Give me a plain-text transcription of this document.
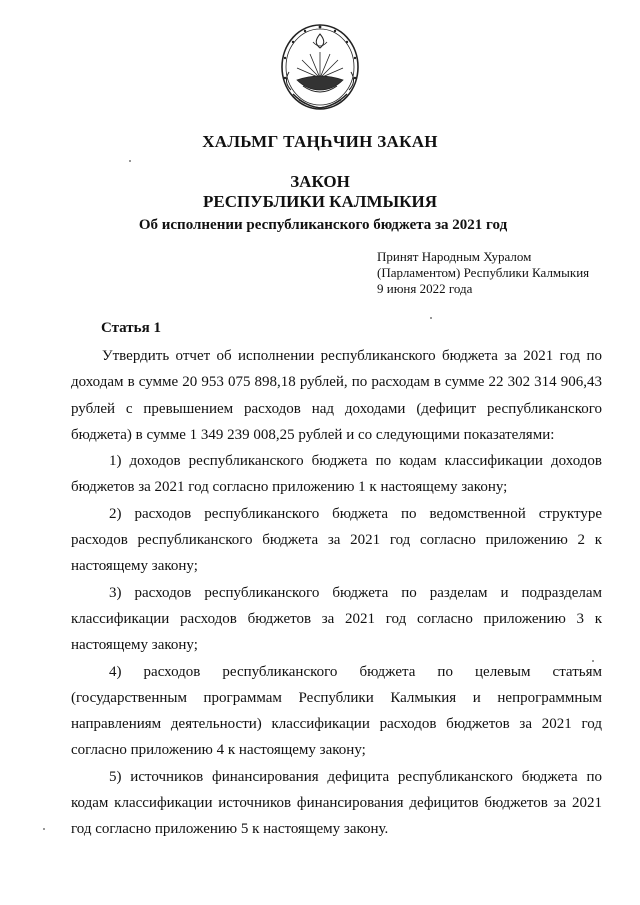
ХАЛЬМГ ТАҢҺЧИН ЗАКАН
ЗАКОН
РЕСПУБЛИКИ КАЛМЫКИЯ
Об исполнении республиканского бюджета за 2021 год
Принят Народным Хуралом
(Парламентом) Республики Калмыкия
9 июня 2022 года
Статья 1

Утвердить отчет об исполнении республиканского бюджета за 2021 год по доходам в сумме 20 953 075 898,18 рублей, по расходам в сумме 22 302 314 906,43 рублей с превышением расходов над доходами (дефицит республиканского бюджета) в сумме 1 349 239 008,25 рублей и со следующими показателями:

1) доходов республиканского бюджета по кодам классификации доходов бюджетов за 2021 год согласно приложению 1 к настоящему закону;

2) расходов республиканского бюджета по ведомственной структуре расходов республиканского бюджета за 2021 год согласно приложению 2 к настоящему закону;

3) расходов республиканского бюджета по разделам и подразделам классификации расходов бюджетов за 2021 год согласно приложению 3 к настоящему закону;

4) расходов республиканского бюджета по целевым статьям (государственным программам Республики Калмыкия и непрограммным направлениям деятельности) классификации расходов бюджетов за 2021 год согласно приложению 4 к настоящему закону;

5) источников финансирования дефицита республиканского бюджета по кодам классификации источников финансирования дефицитов бюджетов за 2021 год согласно приложению 5 к настоящему закону.
